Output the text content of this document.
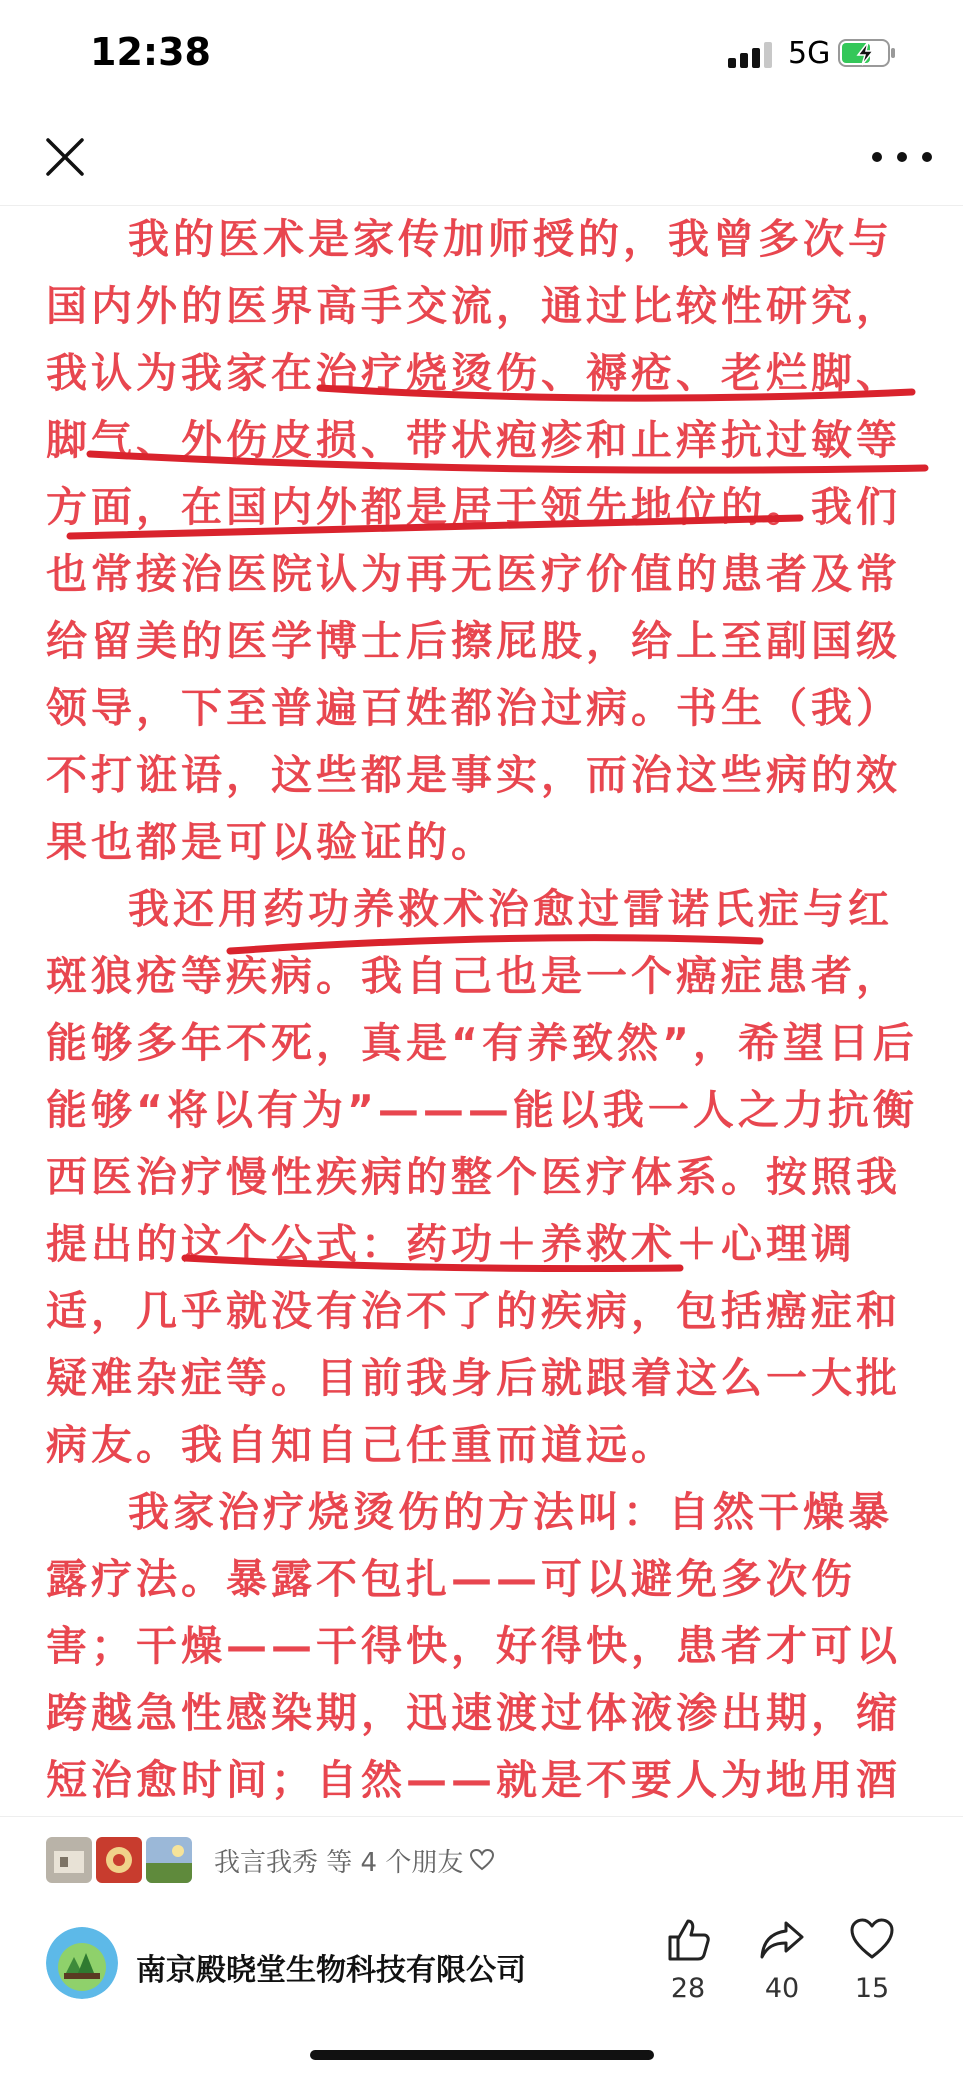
12:38	5G

我的医术是家传加师授的，我曾多次与国内外的医界高手交流，通过比较性研究，我认为我家在治疗烧烫伤、褥疮、老烂脚、脚气、外伤皮损、带状疱疹和止痒抗过敏等方面，在国内外都是居于领先地位的。我们也常接治医院认为再无医疗价值的患者及常给留美的医学博士后擦屁股，给上至副国级领导，下至普遍百姓都治过病。书生（我）不打诳语，这些都是事实，而治这些病的效果也都是可以验证的。

我还用药功养救术治愈过雷诺氏症与红斑狼疮等疾病。我自己也是一个癌症患者，能够多年不死，真是“有养致然”，希望日后能够“将以有为”———能以我一人之力抗衡西医治疗慢性疾病的整个医疗体系。按照我提出的这个公式：药功＋养救术＋心理调适，几乎就没有治不了的疾病，包括癌症和疑难杂症等。目前我身后就跟着这么一大批病友。我自知自己任重而道远。

我家治疗烧烫伤的方法叫：自然干燥暴露疗法。暴露不包扎——可以避免多次伤害；干燥——干得快，好得快，患者才可以跨越急性感染期，迅速渡过体液渗出期，缩短治愈时间；自然——就是不要人为地用酒

我言我秀 等 4 个朋友
南京殿晓堂生物科技有限公司
28	40	15
